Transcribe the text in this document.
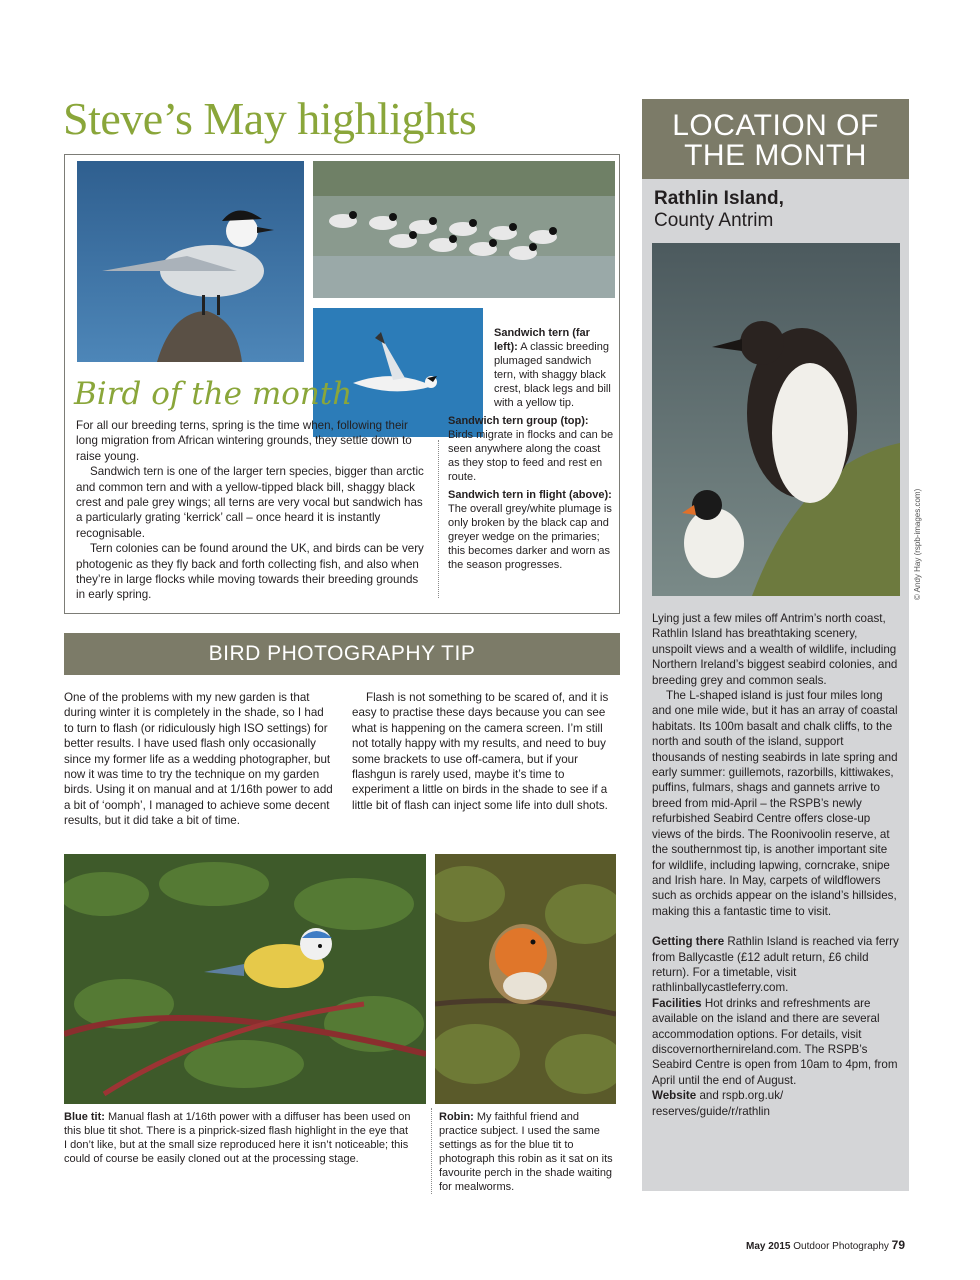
Steve’s May highlights
Bird of the month

For all our breeding terns, spring is the time when, following their long migration from African wintering grounds, they settle down to raise young.

Sandwich tern is one of the larger tern species, bigger than arctic and common tern and with a yellow-tipped black bill, shaggy black crest and pale grey wings; all terns are very vocal but sandwich has a particularly grating ‘kerrick’ call – once heard it is instantly recognisable.

Tern colonies can be found around the UK, and birds can be very photogenic as they fly back and forth collecting fish, and also when they’re in large flocks while moving towards their breeding grounds in early spring.

Sandwich tern (far left): A classic breeding plumaged sandwich tern, with shaggy black crest, black legs and bill with a yellow tip.

Sandwich tern group (top): Birds migrate in flocks and can be seen anywhere along the coast as they stop to feed and rest en route.

Sandwich tern in flight (above): The overall grey/white plumage is only broken by the black cap and greyer wedge on the primaries; this becomes darker and worn as the season progresses.

BIRD PHOTOGRAPHY TIP
One of the problems with my new garden is that during winter it is completely in the shade, so I had to turn to flash (or ridiculously high ISO settings) for better results. I have used flash only occasionally since my former life as a wedding photographer, but now it was time to try the technique on my garden birds. Using it on manual and at 1/16th power to add a bit of ‘oomph’, I managed to achieve some decent results, but it did take a bit of time.
Flash is not something to be scared of, and it is easy to practise these days because you can see what is happening on the camera screen. I’m still not totally happy with my results, and need to buy some brackets to use off-camera, but if your flashgun is rarely used, maybe it’s time to experiment a little on birds in the shade to see if a little bit of flash can inject some life into dull shots.
Blue tit: Manual flash at 1/16th power with a diffuser has been used on this blue tit shot. There is a pinprick-sized flash highlight in the eye that I don’t like, but at the small size reproduced here it isn’t noticeable; this could of course be easily cloned out at the processing stage.
Robin: My faithful friend and practice subject. I used the same settings as for the blue tit to photograph this robin as it sat on its favourite perch in the shade waiting for mealworms.
LOCATION OF THE MONTH
Rathlin Island,
County Antrim
© Andy Hay (rspb-images.com)

Lying just a few miles off Antrim’s north coast, Rathlin Island has breathtaking scenery, unspoilt views and a wealth of wildlife, including Northern Ireland’s biggest seabird colonies, and breeding grey and common seals.

The L-shaped island is just four miles long and one mile wide, but it has an array of coastal habitats. Its 100m basalt and chalk cliffs, to the north and south of the island, support thousands of nesting seabirds in late spring and early summer: guillemots, razorbills, kittiwakes, puffins, fulmars, shags and gannets arrive to breed from mid-April – the RSPB’s newly refurbished Seabird Centre offers close-up views of the birds. The Roonivoolin reserve, at the southernmost tip, is another important site for wildlife, including lapwing, corncrake, snipe and Irish hare. In May, carpets of wildflowers such as orchids appear on the island’s hillsides, making this a fantastic time to visit.

Getting there Rathlin Island is reached via ferry from Ballycastle (£12 adult return, £6 child return). For a timetable, visit rathlinballycastleferry.com.

Facilities Hot drinks and refreshments are available on the island and there are several accommodation options. For details, visit discovernorthernireland.com. The RSPB’s Seabird Centre is open from 10am to 4pm, from April until the end of August.

Website and rspb.org.uk/ reserves/guide/r/rathlin

May 2015 Outdoor Photography 79
